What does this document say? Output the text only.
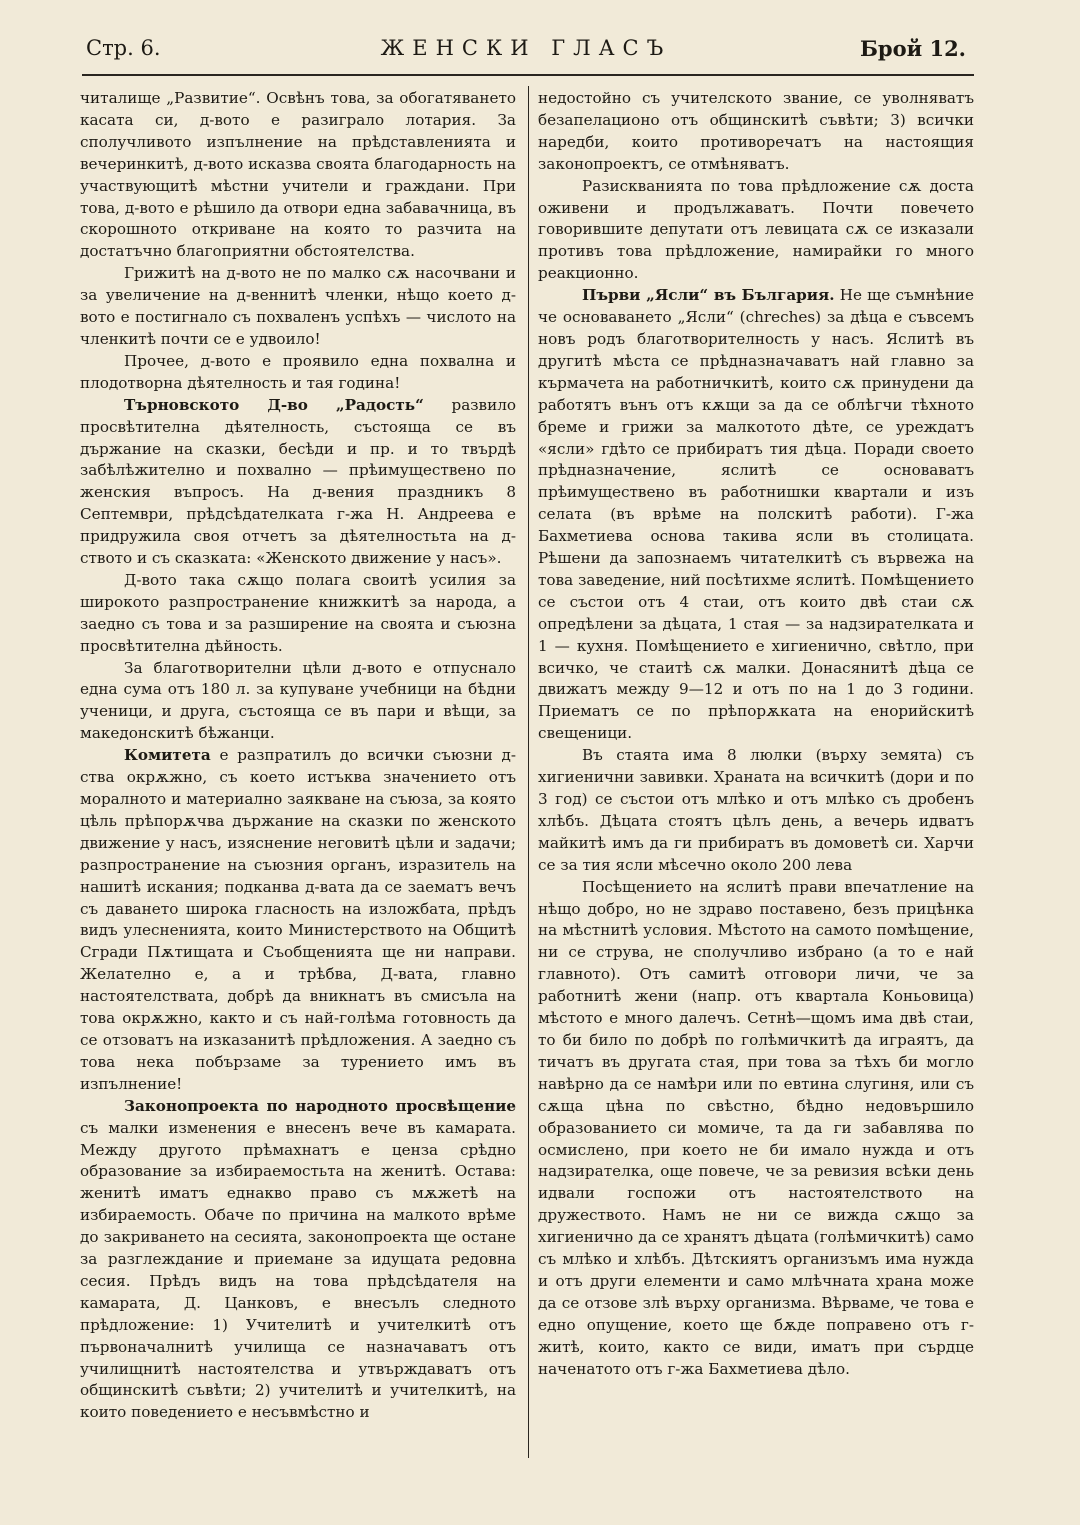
Стр. 6.	ЖЕНСКИ ГЛАСЪ	Брой 12.

читалище „Развитие“. Освѣнъ това, за обогатяването касата си, д-вото е разиграло лотария. За сполучливото изпълнение на прѣдставленията и вечеринкитѣ, д-вото исказва своята благодарность на участвующитѣ мѣстни учители и граждани. При това, д-вото е рѣшило да отвори една забавачница, въ скорошното откриване на която то разчита на достатъчно благоприятни обстоятелства.

Грижитѣ на д-вото не по малко сѫ насочвани и за увеличение на д-веннитѣ членки, нѣщо което д-вото е постигнало съ похваленъ успѣхъ — числото на членкитѣ почти се е удвоило!

Прочее, д-вото е проявило една похвална и плодотворна дѣятелность и тая година!

Търновското Д-во „Радость“ развило просвѣтителна дѣятелность, състояща се въ държание на сказки, бесѣди и пр. и то твърдѣ забѣлѣжително и похвално — прѣимуществено по женския въпросъ. На д-вения праздникъ 8 Септември, прѣдсѣдателката г-жа Н. Андреева е придружила своя отчетъ за дѣятелностьта на д-ството и съ сказката: «Женското движение у насъ».

Д-вото така сѫщо полага своитѣ усилия за широкото разпространение книжкитѣ за народа, а заедно съ това и за разширение на своята и съюзна просвѣтителна дѣйность.

За благотворителни цѣли д-вото е отпуснало една сума отъ 180 л. за купуване учебници на бѣдни ученици, и друга, състояща се въ пари и вѣщи, за македонскитѣ бѣжанци.

Комитета е разпратилъ до всички съюзни д-ства окрѫжно, съ което истъква значението отъ моралното и материално заякване на съюза, за която цѣль прѣпорѫчва държание на сказки по женското движение у насъ, изяснение неговитѣ цѣли и задачи; разпространение на съюзния органъ, изразитель на нашитѣ искания; подканва д-вата да се заематъ вечъ съ даването широка гласность на изложбата, прѣдъ видъ улесненията, които Министерството на Общитѣ Сгради Пѫтищата и Съобщенията ще ни направи. Желателно е, а и трѣбва, Д-вата, главно настоятелствата, добрѣ да вникнатъ въ смисъла на това окрѫжно, както и съ най-голѣма готовность да се отзоватъ на изказанитѣ прѣдложения. А заедно съ това нека побързаме за турението имъ въ изпълнение!

Законопроекта по народното просвѣщение съ малки изменения е внесенъ вече въ камарата. Между другото прѣмахнатъ е ценза срѣдно образование за избираемостьта на женитѣ. Остава: женитѣ иматъ еднакво право съ мѫжетѣ на избираемость. Обаче по причина на малкото врѣме до закриването на сесията, законопроекта ще остане за разглеждание и приемане за идущата редовна сесия. Прѣдъ видъ на това прѣдсѣдателя на камарата, Д. Цанковъ, е внесълъ следното прѣдложение: 1) Учителитѣ и учителкитѣ отъ първоначалнитѣ училища се назначаватъ отъ училищнитѣ настоятелства и утвърждаватъ отъ общинскитѣ съвѣти; 2) учителитѣ и учителкитѣ, на които поведението е несъвмѣстно и

недостойно съ учителското звание, се уволняватъ безапелационо отъ общинскитѣ съвѣти; 3) всички наредби, които противоречатъ на настоящия законопроектъ, се отмѣняватъ.

Разискванията по това прѣдложение сѫ доста оживени и продължаватъ. Почти повечето говорившите депутати отъ левицата сѫ се изказали противъ това прѣдложение, намирайки го много реакционно.

Първи „Ясли“ въ България. Не ще съмнѣние че основаването „Ясли“ (chreches) за дѣца е съвсемъ новъ родъ благотворителность у насъ. Яслитѣ въ другитѣ мѣста се прѣдназначаватъ най главно за кърмачета на работничкитѣ, които сѫ принудени да работятъ вънъ отъ кѫщи за да се облѣгчи тѣхното бреме и грижи за малкотото дѣте, се уреждатъ «ясли» гдѣто се прибиратъ тия дѣца. Поради своето прѣдназначение, яслитѣ се основаватъ прѣимуществено въ работнишки квартали и изъ селата (въ врѣме на полскитѣ работи). Г-жа Бахметиева основа такива ясли въ столицата. Рѣшени да запознаемъ читателкитѣ съ вървежа на това заведение, ний посѣтихме яслитѣ. Помѣщението се състои отъ 4 стаи, отъ които двѣ стаи сѫ опредѣлени за дѣцата, 1 стая — за надзирателката и 1 — кухня. Помѣщението е хигиенично, свѣтло, при всичко, че стаитѣ сѫ малки. Донасянитѣ дѣца се движатъ между 9—12 и отъ по на 1 до 3 години. Приематъ се по прѣпорѫката на енорийскитѣ свещеници.

Въ стаята има 8 люлки (върху земята) съ хигиенични завивки. Храната на всичкитѣ (дори и по 3 год) се състои отъ млѣко и отъ млѣко съ дробенъ хлѣбъ. Дѣцата стоятъ цѣлъ день, а вечерь идватъ майкитѣ имъ да ги прибиратъ въ домоветѣ си. Харчи се за тия ясли мѣсечно около 200 лева

Посѣщението на яслитѣ прави впечатление на нѣщо добро, но не здраво поставено, безъ прицѣнка на мѣстнитѣ условия. Мѣстото на самото помѣщение, ни се струва, не сполучливо избрано (а то е най главното). Отъ самитѣ отговори личи, че за работнитѣ жени (напр. отъ квартала Коньовица) мѣстото е много далечъ. Сетнѣ—щомъ има двѣ стаи, то би било по добрѣ по голѣмичкитѣ да играятъ, да тичатъ въ другата стая, при това за тѣхъ би могло навѣрно да се намѣри или по евтина слугиня, или съ сѫща цѣна по свѣстно, бѣдно недовършило образованието си момиче, та да ги забавлява по осмислено, при което не би имало нужда и отъ надзирателка, още повече, че за ревизия всѣки день идвали госпожи отъ настоятелството на дружеството. Намъ не ни се вижда сѫщо за хигиенично да се хранятъ дѣцата (голѣмичкитѣ) само съ млѣко и хлѣбъ. Дѣтскиятъ организъмъ има нужда и отъ други елементи и само млѣчната храна може да се отзове злѣ върху организма. Вѣрваме, че това е едно опущение, което ще бѫде поправено отъ г-житѣ, които, както се види, иматъ при сърдце наченатото отъ г-жа Бахметиева дѣло.
